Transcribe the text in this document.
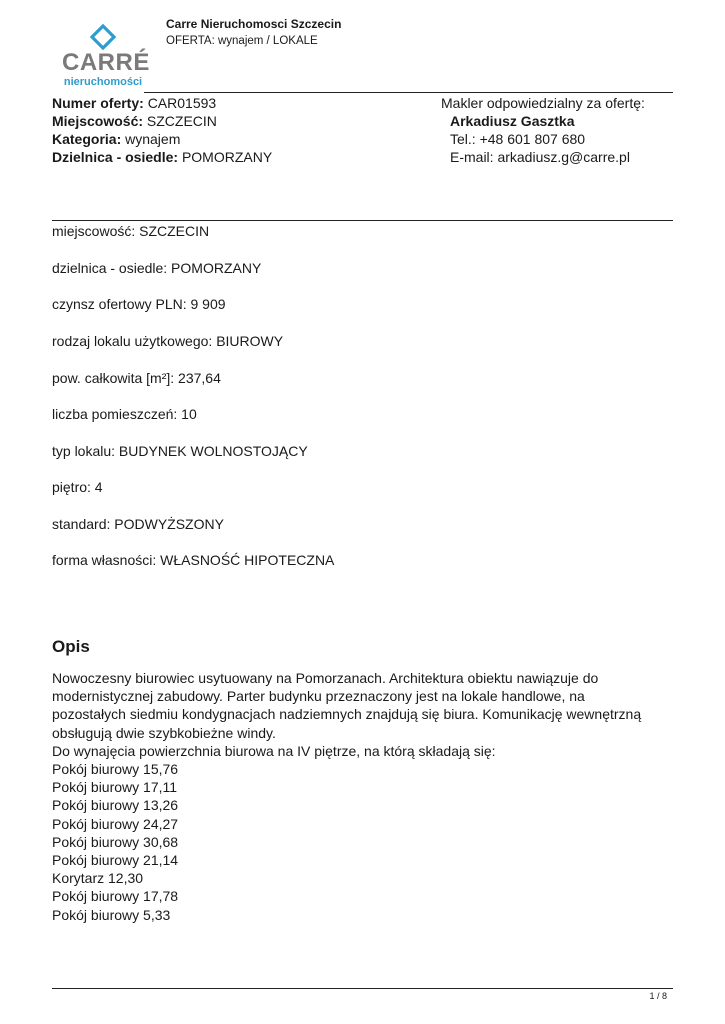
CARRÉ
nieruchomości
Carre Nieruchomosci Szczecin
OFERTA: wynajem / LOKALE
Numer oferty: CAR01593
Miejscowość: SZCZECIN
Kategoria: wynajem
Dzielnica - osiedle: POMORZANY
Makler odpowiedzialny za ofertę:
Arkadiusz Gasztka
Tel.: +48 601 807 680
E-mail: arkadiusz.g@carre.pl
miejscowość: SZCZECIN
dzielnica - osiedle: POMORZANY
czynsz ofertowy PLN: 9 909
rodzaj lokalu użytkowego: BIUROWY
pow. całkowita [m²]: 237,64
liczba pomieszczeń: 10
typ lokalu: BUDYNEK WOLNOSTOJĄCY
piętro: 4
standard: PODWYŻSZONY
forma własności: WŁASNOŚĆ HIPOTECZNA
Opis
Nowoczesny biurowiec usytuowany na Pomorzanach. Architektura obiektu nawiązuje do
modernistycznej zabudowy. Parter budynku przeznaczony jest na lokale handlowe, na
pozostałych siedmiu kondygnacjach nadziemnych znajdują się biura. Komunikację wewnętrzną
obsługują dwie szybkobieżne windy.
Do wynajęcia powierzchnia biurowa na IV piętrze, na którą składają się:
Pokój biurowy 15,76
Pokój biurowy 17,11
Pokój biurowy 13,26
Pokój biurowy 24,27
Pokój biurowy 30,68
Pokój biurowy 21,14
Korytarz 12,30
Pokój biurowy 17,78
Pokój biurowy 5,33
1 / 8
